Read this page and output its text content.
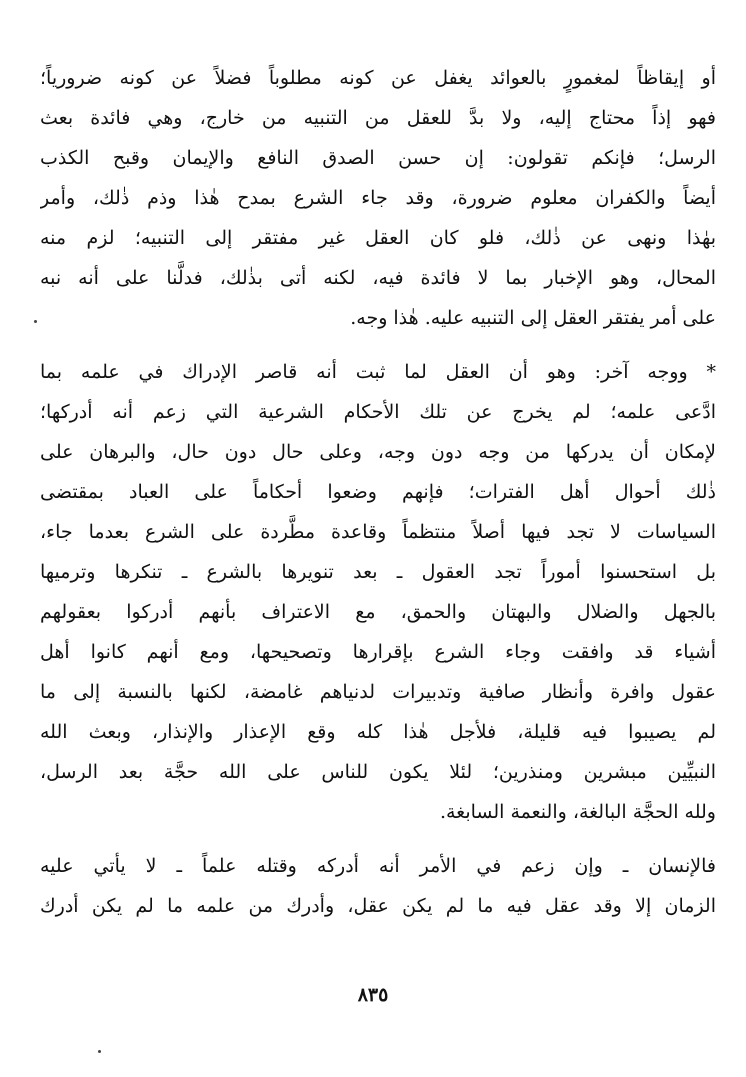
أو إيقاظاً لمغمورٍ بالعوائد يغفل عن كونه مطلوباً فضلاً عن كونه ضرورياً؛
فهو إذاً محتاج إليه، ولا بدَّ للعقل من التنبيه من خارج، وهي فائدة بعث
الرسل؛ فإنكم تقولون: إن حسن الصدق النافع والإيمان وقبح الكذب
أيضاً والكفران معلوم ضرورة، وقد جاء الشرع بمدح هٰذا وذم ذٰلك، وأمر
بهٰذا ونهى عن ذٰلك، فلو كان العقل غير مفتقر إلى التنبيه؛ لزم منه
المحال، وهو الإخبار بما لا فائدة فيه، لكنه أتى بذٰلك، فدلَّنا على أنه نبه
على أمر يفتقر العقل إلى التنبيه عليه. هٰذا وجه.
* ووجه آخر: وهو أن العقل لما ثبت أنه قاصر الإدراك في علمه بما
ادَّعى علمه؛ لم يخرج عن تلك الأحكام الشرعية التي زعم أنه أدركها؛
لإمكان أن يدركها من وجه دون وجه، وعلى حال دون حال، والبرهان على
ذٰلك أحوال أهل الفترات؛ فإنهم وضعوا أحكاماً على العباد بمقتضى
السياسات لا تجد فيها أصلاً منتظماً وقاعدة مطَّردة على الشرع بعدما جاء،
بل استحسنوا أموراً تجد العقول ـ بعد تنويرها بالشرع ـ تنكرها وترميها
بالجهل والضلال والبهتان والحمق، مع الاعتراف بأنهم أدركوا بعقولهم
أشياء قد وافقت وجاء الشرع بإقرارها وتصحيحها، ومع أنهم كانوا أهل
عقول وافرة وأنظار صافية وتدبيرات لدنياهم غامضة، لكنها بالنسبة إلى ما
لم يصيبوا فيه قليلة، فلأجل هٰذا كله وقع الإعذار والإنذار، وبعث الله
النبيِّين مبشرين ومنذرين؛ لئلا يكون للناس على الله حجَّة بعد الرسل،
ولله الحجَّة البالغة، والنعمة السابغة.
فالإنسان ـ وإن زعم في الأمر أنه أدركه وقتله علماً ـ لا يأتي عليه
الزمان إلا وقد عقل فيه ما لم يكن عقل، وأدرك من علمه ما لم يكن أدرك
٨٣٥
